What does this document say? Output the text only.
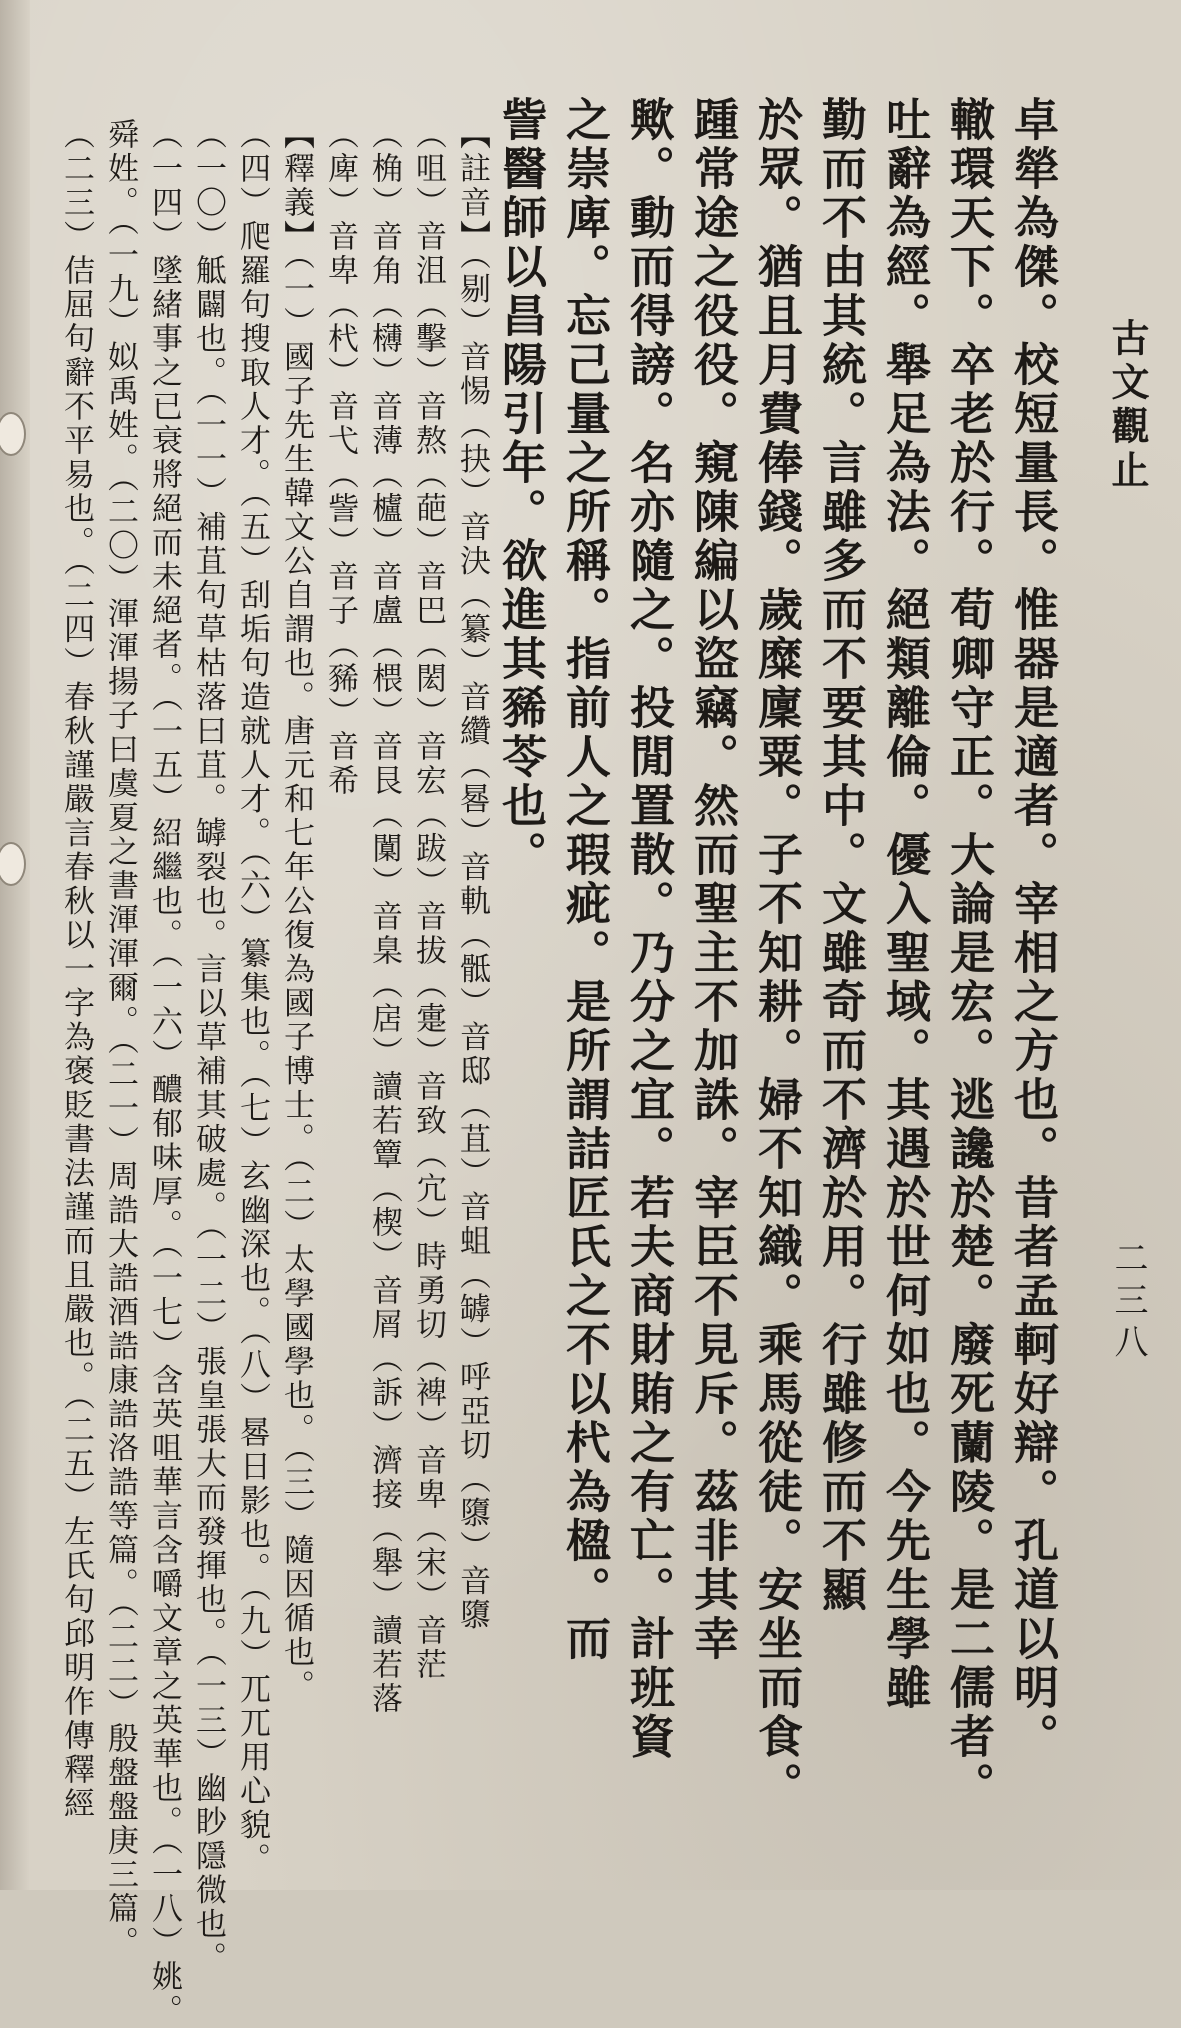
古文觀止
二三八
卓犖為傑。校短量長。惟器是適者。宰相之方也。昔者孟軻好辯。孔道以明。
轍環天下。卒老於行。荀卿守正。大論是宏。逃讒於楚。廢死蘭陵。是二儒者。
吐辭為經。舉足為法。絕類離倫。優入聖域。其遇於世何如也。今先生學雖
勤而不由其統。言雖多而不要其中。文雖奇而不濟於用。行雖修而不顯
於眾。猶且月費俸錢。歲糜廩粟。子不知耕。婦不知織。乘馬從徒。安坐而食。
踵常途之役役。窺陳編以盜竊。然而聖主不加誅。宰臣不見斥。茲非其幸
歟。動而得謗。名亦隨之。投閒置散。乃分之宜。若夫商財賄之有亡。計班資
之崇庳。忘己量之所稱。指前人之瑕疵。是所謂詰匠氏之不以杙為楹。而
訾醫師以昌陽引年。欲進其豨苓也。
【註音】（剔）音惕（抉）音決（纂）音纘（晷）音軌（骶）音邸（苴）音蛆（罅）呼亞切（隳）音隳
（咀）音沮（擊）音熬（葩）音巴（閎）音宏（跋）音拔（疐）音致（宂）時勇切（裨）音卑（宋）音茫
（桷）音角（欂）音薄（櫨）音盧（椳）音艮（闑）音臬（扂）讀若簟（楔）音屑（訴）濟接（舉）讀若落
（庳）音卑（杙）音弋（訾）音子（豨）音希
【釋義】（一）國子先生韓文公自謂也。唐元和七年公復為國子博士。（二）太學國學也。（三）隨因循也。
（四）爬羅句搜取人才。（五）刮垢句造就人才。（六）纂集也。（七）玄幽深也。（八）晷日影也。（九）兀兀用心貌。
（一〇）觝闢也。（一一）補苴句草枯落曰苴。罅裂也。言以草補其破處。（一二）張皇張大而發揮也。（一三）幽眇隱微也。
（一四）墜緒事之已衰將絕而未絕者。（一五）紹繼也。（一六）醲郁味厚。（一七）含英咀華言含嚼文章之英華也。（一八）姚。
舜姓。（一九）姒禹姓。（二〇）渾渾揚子曰虞夏之書渾渾爾。（二一）周誥大誥酒誥康誥洛誥等篇。（二二）殷盤盤庚三篇。
（二三）佶屈句辭不平易也。（二四）春秋謹嚴言春秋以一字為褒貶書法謹而且嚴也。（二五）左氏句邱明作傳釋經
